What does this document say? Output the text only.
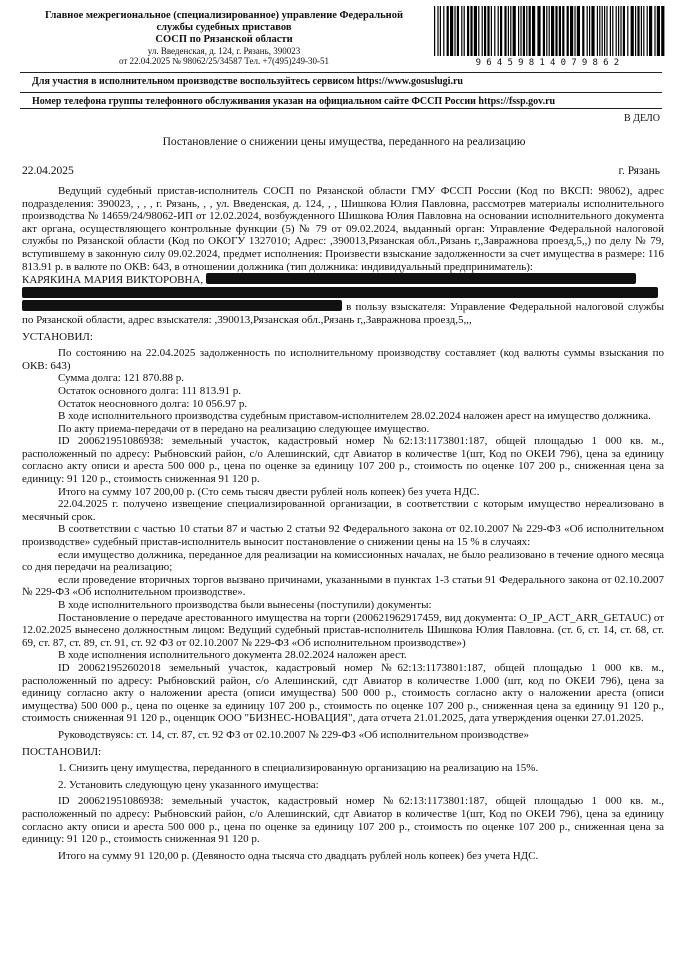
Главное межрегиональное (специализированное) управление Федеральной
службы судебных приставов
СОСП по Рязанской области
ул. Введенская, д. 124, г. Рязань, 390023
от 22.04.2025 № 98062/25/34587 Тел. +7(495)249-30-51	96459814079862
Для участия в исполнительном производстве воспользуйтесь сервисом https://www.gosuslugi.ru
Номер телефона группы телефонного обслуживания указан на официальном сайте ФССП России https://fssp.gov.ru
В ДЕЛО
Постановление о снижении цены имущества, переданного на реализацию
22.04.2025	г. Рязань

Ведущий судебный пристав-исполнитель СОСП по Рязанской области ГМУ ФССП России (Код по ВКСП: 98062), адрес подразделения: 390023, , , , г. Рязань, , , ул. Введенская, д. 124, , , Шишкова Юлия Павловна, рассмотрев материалы исполнительного производства № 14659/24/98062-ИП от 12.02.2024, возбужденного Шишкова Юлия Павловна на основании исполнительного документа акт органа, осуществляющего контрольные функции (5) № 79 от 09.02.2024, выданный орган: Управление Федеральной налоговой службы по Рязанской области (Код по ОКОГУ 1327010; Адрес: ,390013,Рязанская обл.,Рязань г,,Завражнова проезд,5,,) по делу № 79, вступившему в законную силу 09.02.2024, предмет исполнения: Произвести взыскание задолженности за счет имущества в размере: 116 813.91 р. в валюте по ОКВ: 643, в отношении должника (тип должника: индивидуальный предприниматель):

КАРЯКИНА МАРИЯ ВИКТОРОВНА,

в пользу взыскателя: Управление Федеральной налоговой службы по Рязанской области, адрес взыскателя: ,390013,Рязанская обл.,Рязань г,,Завражнова проезд,5,,,

УСТАНОВИЛ:

По состоянию на 22.04.2025 задолженность по исполнительному производству составляет (код валюты суммы взыскания по ОКВ: 643)

Сумма долга: 121 870.88 р.

Остаток основного долга: 111 813.91 р.

Остаток неосновного долга: 10 056.97 р.

В ходе исполнительного производства судебным приставом-исполнителем 28.02.2024 наложен арест на имущество должника.

По акту приема-передачи от в передано на реализацию следующее имущество.

ID 200621951086938: земельный участок, кадастровый номер №62:13:1173801:187, общей площадью 1 000 кв. м., расположенный по адресу: Рыбновский район, с/о Алешинский, сдт Авиатор в количестве 1(шт, Код по ОКЕИ 796), цена за единицу согласно акту описи и ареста 500 000 р., цена по оценке за единицу 107 200 р., стоимость по оценке 107 200 р., сниженная цена за единицу: 91 120 р., стоимость сниженная 91 120 р.

Итого на сумму 107 200,00 р. (Сто семь тысяч двести рублей ноль копеек) без учета НДС.

22.04.2025 г. получено извещение специализированной организации, в соответствии с которым имущество нереализовано в месячный срок.

В соответствии с частью 10 статьи 87 и частью 2 статьи 92 Федерального закона от 02.10.2007 № 229-ФЗ «Об исполнительном производстве» судебный пристав-исполнитель выносит постановление о снижении цены на 15 % в случаях:

если имущество должника, переданное для реализации на комиссионных началах, не было реализовано в течение одного месяца со дня передачи на реализацию;

если проведение вторичных торгов вызвано причинами, указанными в пунктах 1-3 статьи 91 Федерального закона от 02.10.2007 № 229-ФЗ «Об исполнительном производстве».

В ходе исполнительного производства были вынесены (поступили) документы:

Постановление о передаче арестованного имущества на торги (200621962917459, вид документа: O_IP_ACT_ARR_GETAUC) от 12.02.2025 вынесено должностным лицом: Ведущий судебный пристав-исполнитель Шишкова Юлия Павловна. (ст. 6, ст. 14, ст. 68, ст. 69, ст. 87, ст. 89, ст. 91, ст. 92 ФЗ от 02.10.2007 № 229-ФЗ «Об исполнительном производстве»)

В ходе исполнения исполнительного документа 28.02.2024 наложен арест.

ID 200621952602018 земельный участок, кадастровый номер №62:13:1173801:187, общей площадью 1 000 кв. м., расположенный по адресу: Рыбновский район, с/о Алешинский, сдт Авиатор в количестве 1.000 (шт, код по ОКЕИ 796), цена за единицу согласно акту о наложении ареста (описи имущества) 500 000 р., стоимость согласно акту о наложении ареста (описи имущества) 500 000 р., цена по оценке за единицу 107 200 р., стоимость по оценке 107 200 р., сниженная цена за единицу 91 120 р., стоимость сниженная 91 120 р., оценщик ООО "БИЗНЕС-НОВАЦИЯ", дата отчета 21.01.2025, дата утверждения оценки 27.01.2025.

Руководствуясь: ст. 14, ст. 87, ст. 92 ФЗ от 02.10.2007 № 229-ФЗ «Об исполнительном производстве»

ПОСТАНОВИЛ:

1. Снизить цену имущества, переданного в специализированную организацию на реализацию на 15%.

2. Установить следующую цену указанного имущества:

ID 200621951086938: земельный участок, кадастровый номер №62:13:1173801:187, общей площадью 1 000 кв. м., расположенный по адресу: Рыбновский район, с/о Алешинский, сдт Авиатор в количестве 1(шт, Код по ОКЕИ 796), цена за единицу согласно акту описи и ареста 500 000 р., цена по оценке за единицу 107 200 р., стоимость по оценке 107 200 р., сниженная цена за единицу: 91 120 р., стоимость сниженная 91 120 р.

Итого на сумму 91 120,00 р. (Девяносто одна тысяча сто двадцать рублей ноль копеек) без учета НДС.
